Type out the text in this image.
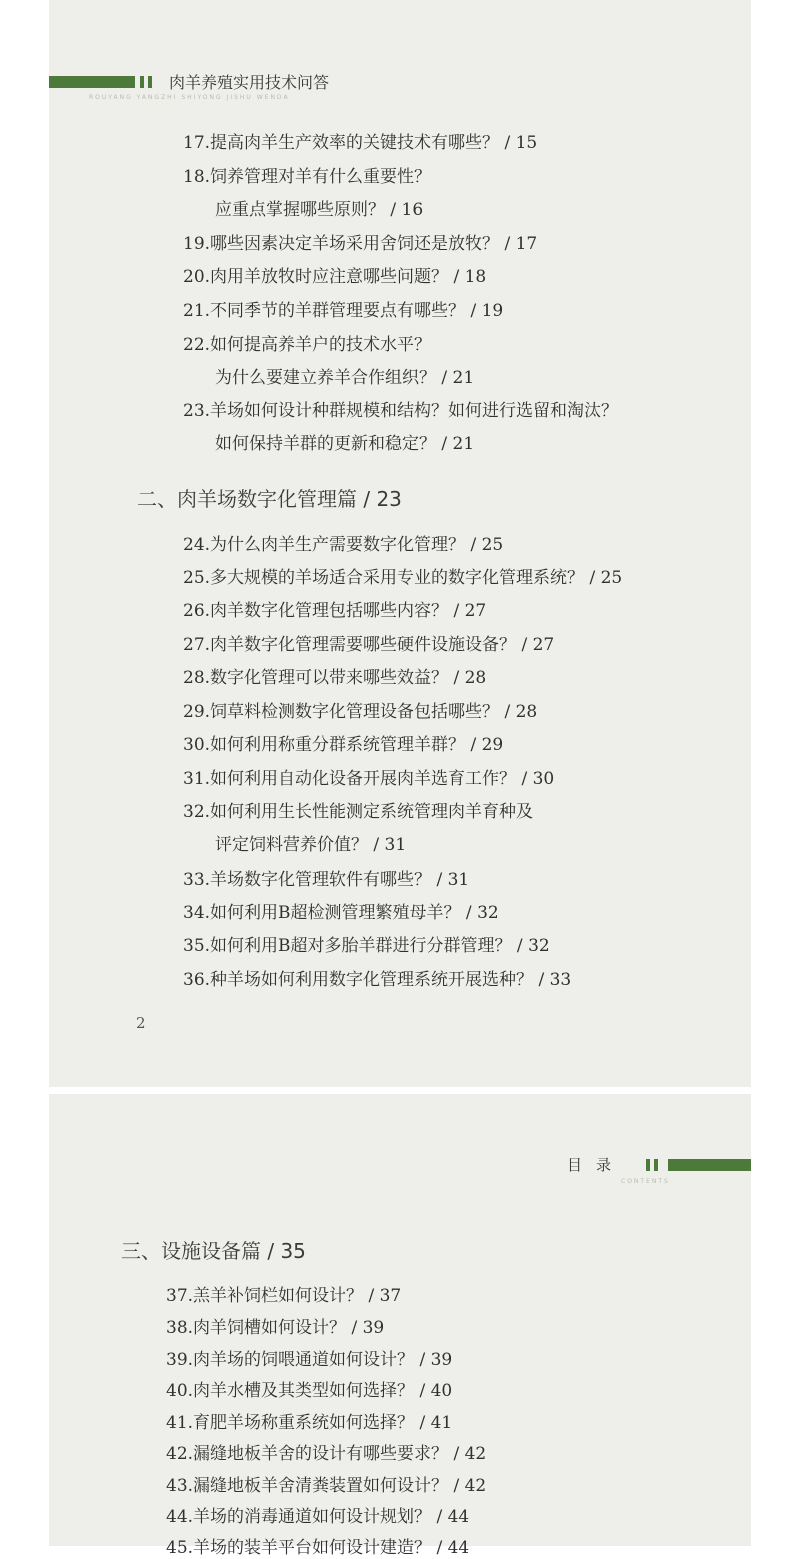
肉羊养殖实用技术问答
ROUYANG YANGZHI SHIYONG JISHU WENDA
17.提高肉羊生产效率的关键技术有哪些？ / 15
18.饲养管理对羊有什么重要性？
应重点掌握哪些原则？ / 16
19.哪些因素决定羊场采用舍饲还是放牧？ / 17
20.肉用羊放牧时应注意哪些问题？ / 18
21.不同季节的羊群管理要点有哪些？ / 19
22.如何提高养羊户的技术水平？
为什么要建立养羊合作组织？ / 21
23.羊场如何设计种群规模和结构？如何进行选留和淘汰？
如何保持羊群的更新和稳定？ / 21
二、肉羊场数字化管理篇 / 23
24.为什么肉羊生产需要数字化管理？ / 25
25.多大规模的羊场适合采用专业的数字化管理系统？ / 25
26.肉羊数字化管理包括哪些内容？ / 27
27.肉羊数字化管理需要哪些硬件设施设备？ / 27
28.数字化管理可以带来哪些效益？ / 28
29.饲草料检测数字化管理设备包括哪些？ / 28
30.如何利用称重分群系统管理羊群？ / 29
31.如何利用自动化设备开展肉羊选育工作？ / 30
32.如何利用生长性能测定系统管理肉羊育种及
评定饲料营养价值？ / 31
33.羊场数字化管理软件有哪些？ / 31
34.如何利用B超检测管理繁殖母羊？ / 32
35.如何利用B超对多胎羊群进行分群管理？ / 32
36.种羊场如何利用数字化管理系统开展选种？ / 33
2
目录
CONTENTS
三、设施设备篇 / 35
37.羔羊补饲栏如何设计？ / 37
38.肉羊饲槽如何设计？ / 39
39.肉羊场的饲喂通道如何设计？ / 39
40.肉羊水槽及其类型如何选择？ / 40
41.育肥羊场称重系统如何选择？ / 41
42.漏缝地板羊舍的设计有哪些要求？ / 42
43.漏缝地板羊舍清粪装置如何设计？ / 42
44.羊场的消毒通道如何设计规划？ / 44
45.羊场的装羊平台如何设计建造？ / 44
